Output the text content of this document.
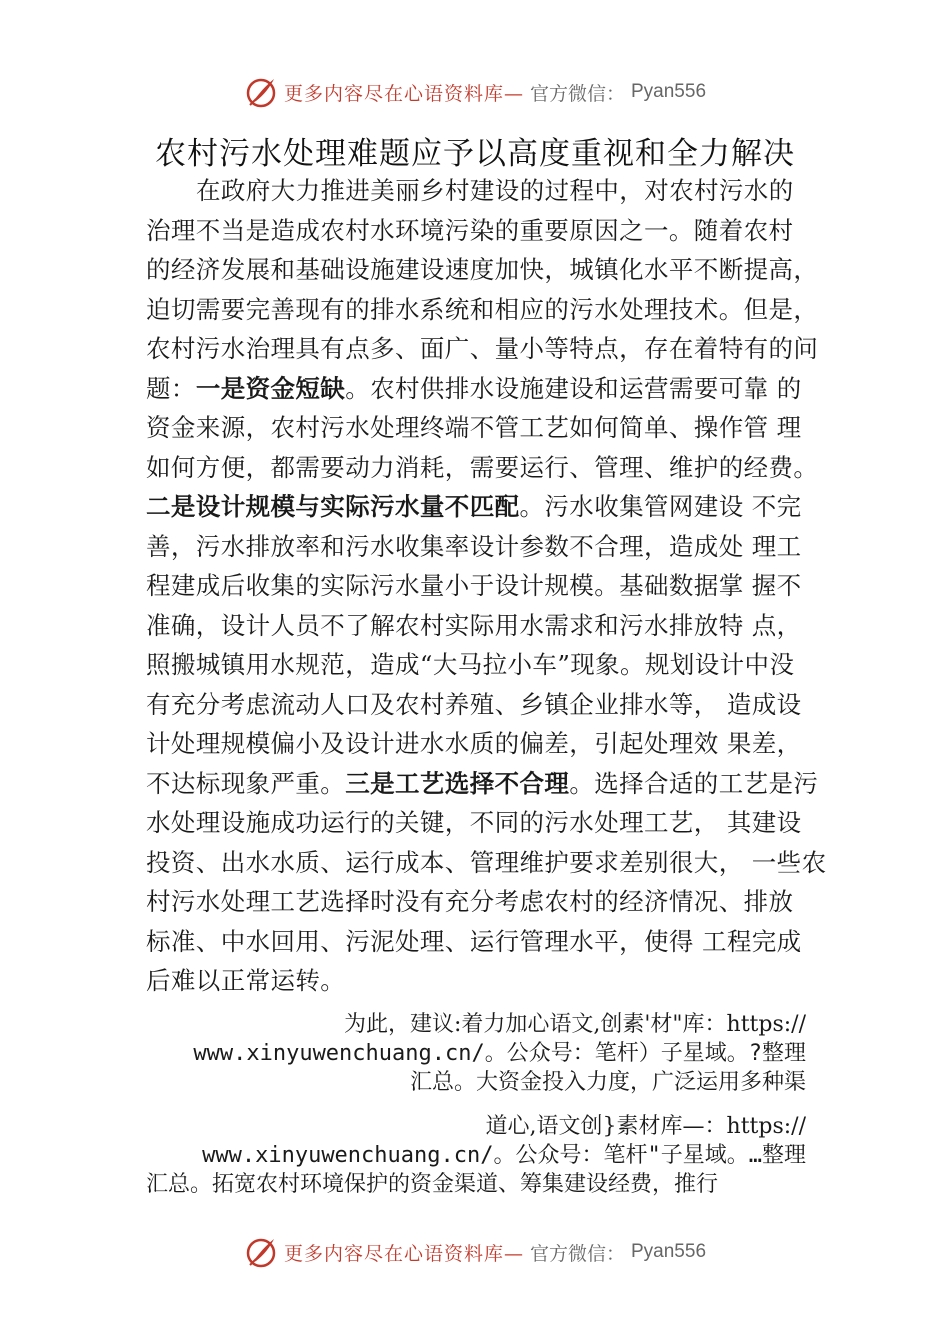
更多内容尽在心语资料库— 官方微信： Pyan556
农村污水处理难题应予以高度重视和全力解决
在政府大力推进美丽乡村建设的过程中，对农村污水的
治理不当是造成农村水环境污染的重要原因之一。随着农村
的经济发展和基础设施建设速度加快，城镇化水平不断提高，
迫切需要完善现有的排水系统和相应的污水处理技术。但是，
农村污水治理具有点多、面广、量小等特点，存在着特有的问
题：一是资金短缺。农村供排水设施建设和运营需要可靠 的
资金来源，农村污水处理终端不管工艺如何简单、操作管 理
如何方便，都需要动力消耗，需要运行、管理、维护的经费。
二是设计规模与实际污水量不匹配。污水收集管网建设 不完
善，污水排放率和污水收集率设计参数不合理，造成处 理工
程建成后收集的实际污水量小于设计规模。基础数据掌 握不
准确，设计人员不了解农村实际用水需求和污水排放特 点，
照搬城镇用水规范，造成“大马拉小车”现象。规划设计中没
有充分考虑流动人口及农村养殖、乡镇企业排水等， 造成设
计处理规模偏小及设计进水水质的偏差，引起处理效 果差，
不达标现象严重。三是工艺选择不合理。选择合适的工艺是污
水处理设施成功运行的关键，不同的污水处理工艺， 其建设
投资、出水水质、运行成本、管理维护要求差别很大， 一些农
村污水处理工艺选择时没有充分考虑农村的经济情况、排放
标准、中水回用、污泥处理、运行管理水平，使得 工程完成
后难以正常运转。
为此，建议:着力加心语文,创素'材"库：https://
www.xinyuwenchuang.cn/。公众号：笔杆）子星域。?整理
汇总。大资金投入力度，广泛运用多种渠
道心,语文创}素材库—：https://
www.xinyuwenchuang.cn/。公众号：笔杆"子星域。…整理
汇总。拓宽农村环境保护的资金渠道、筹集建设经费，推行
更多内容尽在心语资料库— 官方微信： Pyan556
